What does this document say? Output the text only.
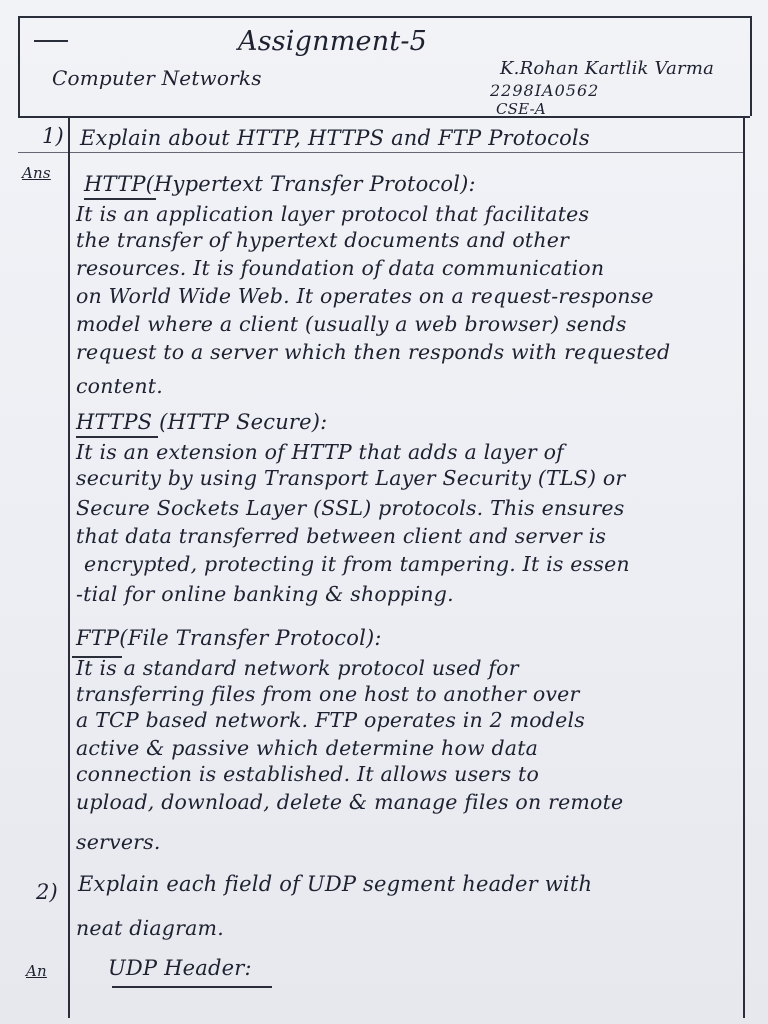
Assignment-5
Computer Networks	K.Rohan Kartlik Varma
2298IA0562
CSE-A
1) Explain about HTTP, HTTPS and FTP Protocols
Ans HTTP(Hypertext Transfer Protocol):
It is an application layer protocol that facilitates
the transfer of hypertext documents and other
resources. It is foundation of data communication
on World Wide Web. It operates on a request-response
model where a client (usually a web browser) sends
request to a server which then responds with requested
content.
HTTPS (HTTP Secure):
It is an extension of HTTP that adds a layer of
security by using Transport Layer Security (TLS) or
Secure Sockets Layer (SSL) protocols. This ensures
that data transferred between client and server is
encrypted, protecting it from tampering. It is essen
-tial for online banking & shopping.
FTP(File Transfer Protocol):
It is a standard network protocol used for
transferring files from one host to another over
a TCP based network. FTP operates in 2 models
active & passive which determine how data
connection is established. It allows users to
upload, download, delete & manage files on remote
servers.
2) Explain each field of UDP segment header with
neat diagram.
An	UDP Header:
